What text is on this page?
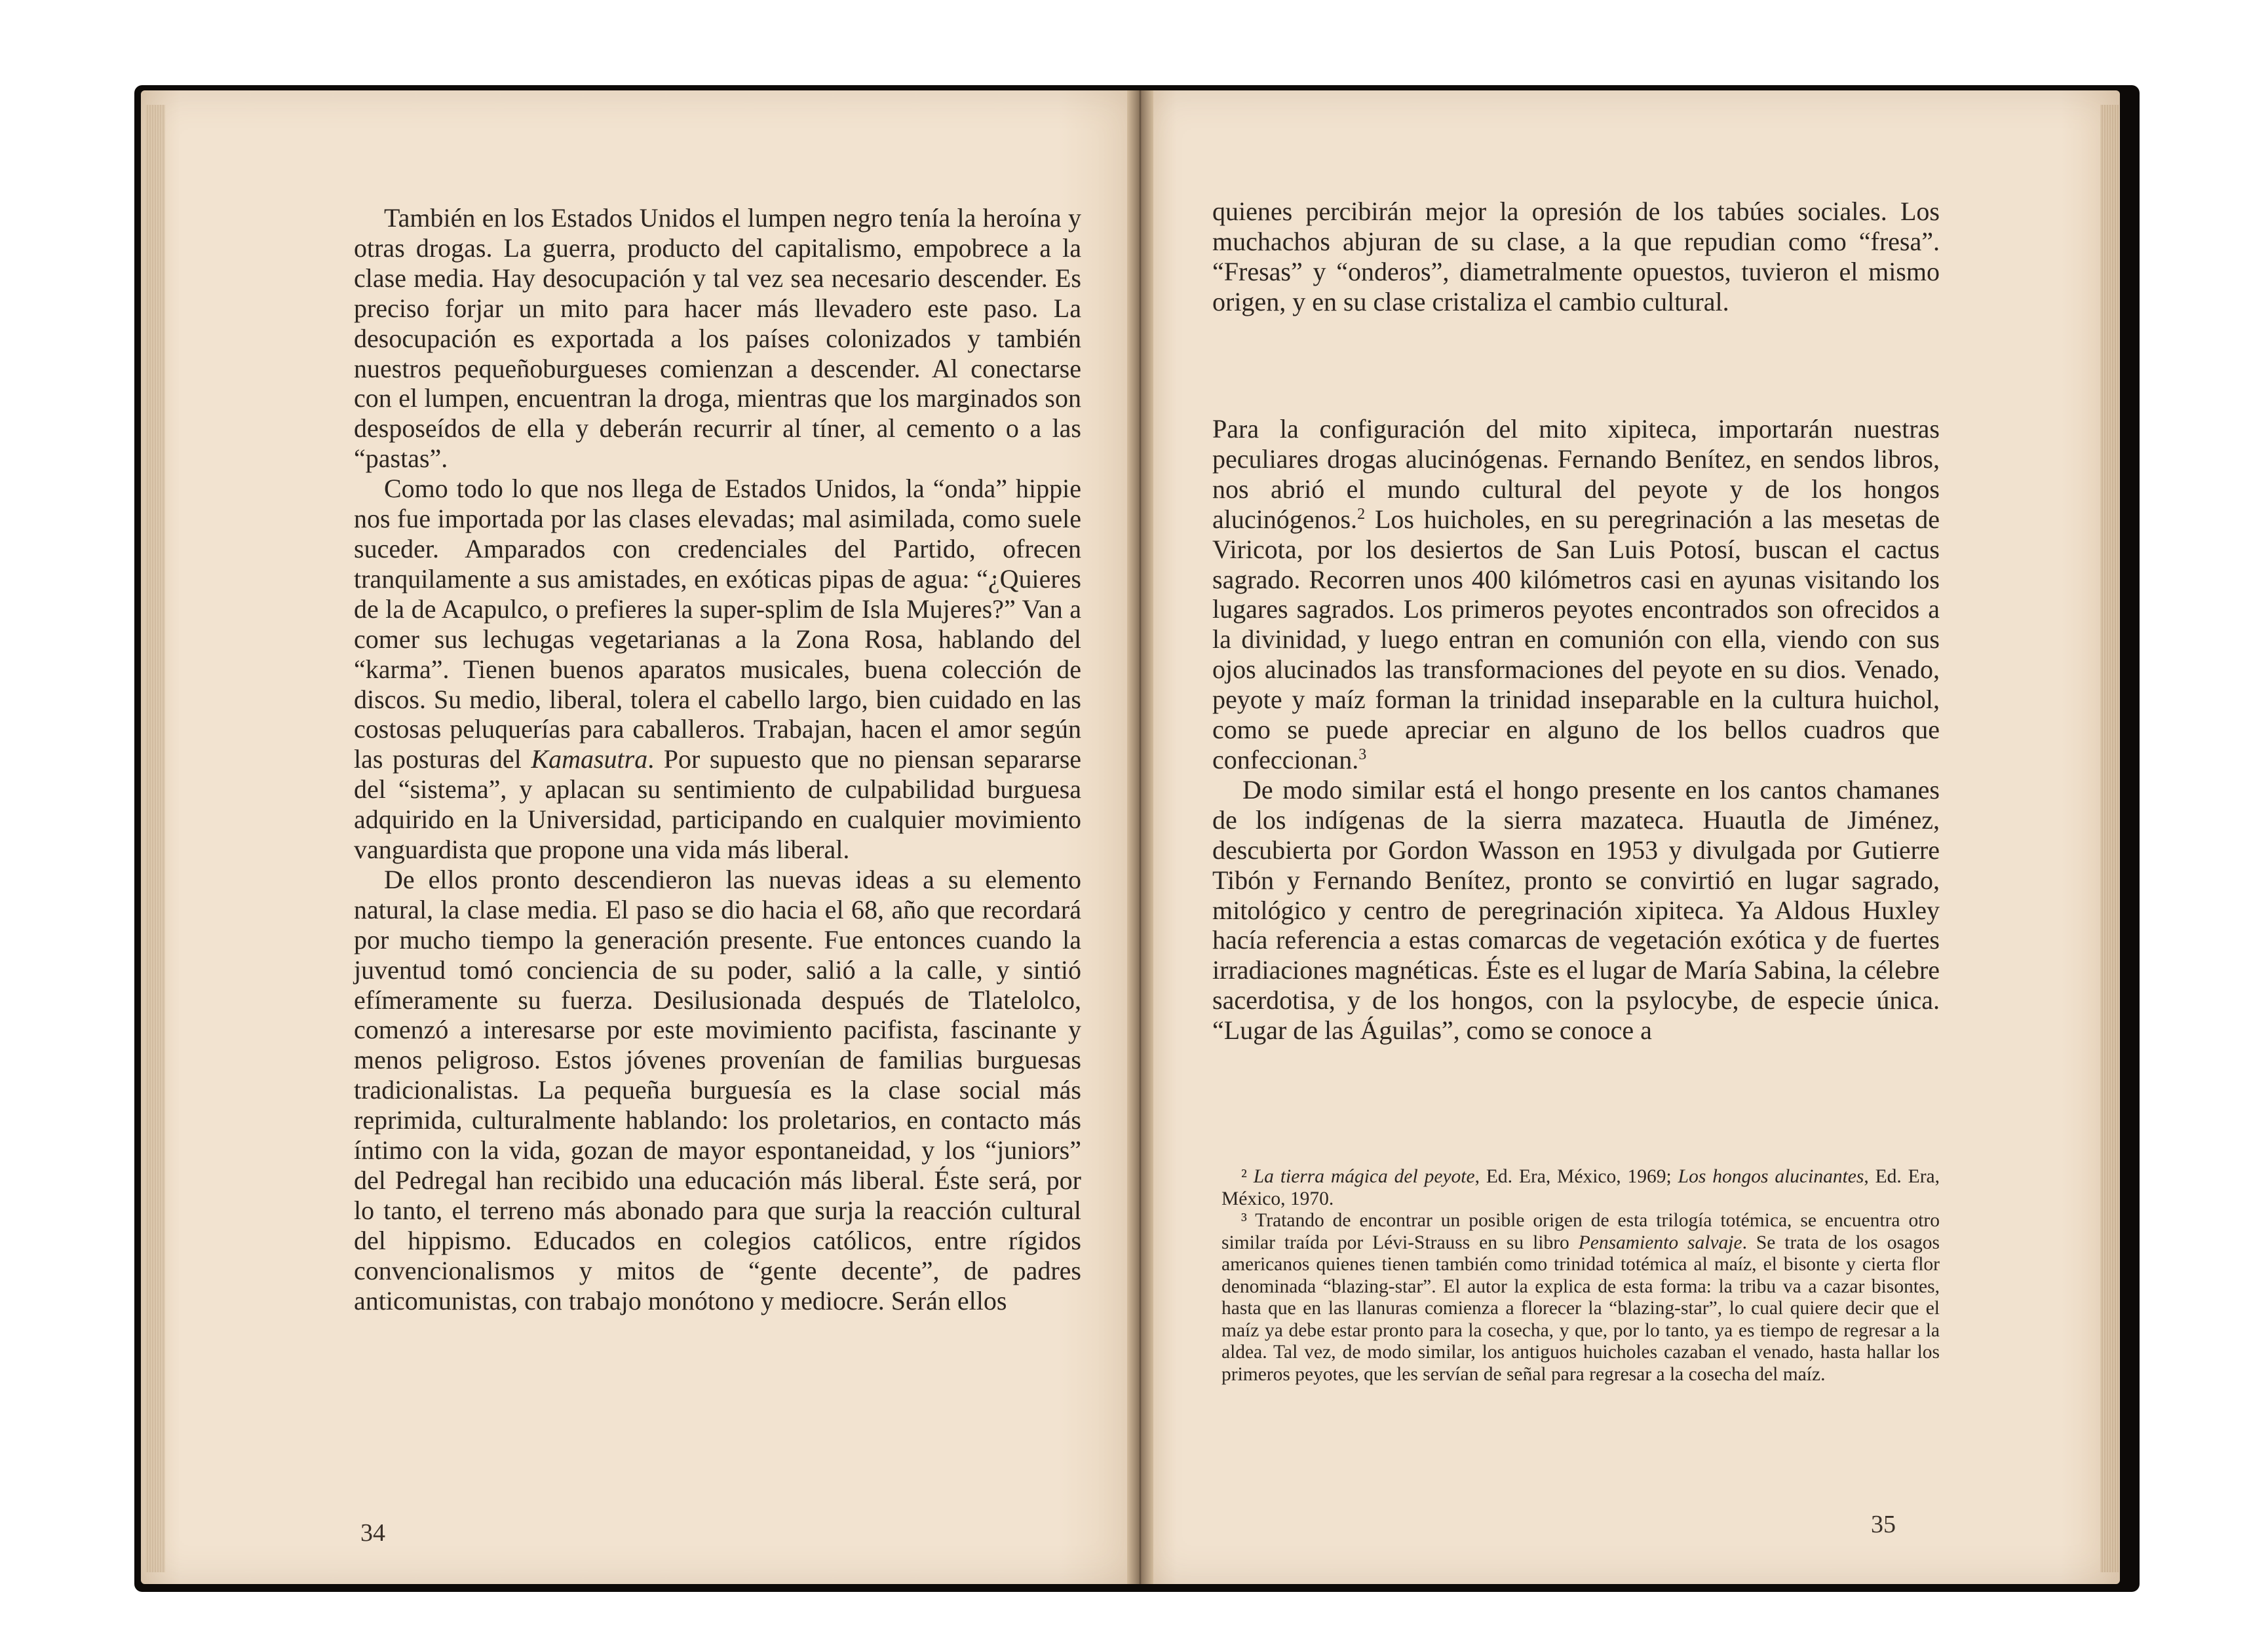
También en los Estados Unidos el lumpen negro tenía la heroína y otras drogas. La guerra, producto del capitalismo, empobrece a la clase media. Hay desocupación y tal vez sea necesario descender. Es preciso forjar un mito para hacer más llevadero este paso. La desocupación es exportada a los países colonizados y también nuestros pequeñoburgueses comienzan a descender. Al conectarse con el lumpen, encuentran la droga, mientras que los marginados son desposeídos de ella y deberán recurrir al tíner, al cemento o a las “pastas”.

Como todo lo que nos llega de Estados Unidos, la “onda” hippie nos fue importada por las clases elevadas; mal asimilada, como suele suceder. Amparados con credenciales del Partido, ofrecen tranquilamente a sus amistades, en exóticas pipas de agua: “¿Quieres de la de Acapulco, o prefieres la super-splim de Isla Mujeres?” Van a comer sus lechugas vegetarianas a la Zona Rosa, hablando del “karma”. Tienen buenos aparatos musicales, buena colección de discos. Su medio, liberal, tolera el cabello largo, bien cuidado en las costosas peluquerías para caballeros. Trabajan, hacen el amor según las posturas del Kamasutra. Por supuesto que no piensan separarse del “sistema”, y aplacan su sentimiento de culpabilidad burguesa adquirido en la Universidad, participando en cualquier movimiento vanguardista que propone una vida más liberal.

De ellos pronto descendieron las nuevas ideas a su elemento natural, la clase media. El paso se dio hacia el 68, año que recordará por mucho tiempo la generación presente. Fue entonces cuando la juventud tomó conciencia de su poder, salió a la calle, y sintió efímeramente su fuerza. Desilusionada después de Tlatelolco, comenzó a interesarse por este movimiento pacifista, fascinante y menos peligroso. Estos jóvenes provenían de familias burguesas tradicionalistas. La pequeña burguesía es la clase social más reprimida, culturalmente hablando: los proletarios, en contacto más íntimo con la vida, gozan de mayor espontaneidad, y los “juniors” del Pedregal han recibido una educación más liberal. Éste será, por lo tanto, el terreno más abonado para que surja la reacción cultural del hippismo. Educados en colegios católicos, entre rígidos convencionalismos y mitos de “gente decente”, de padres anticomunistas, con trabajo monótono y mediocre. Serán ellos

34

quienes percibirán mejor la opresión de los tabúes sociales. Los muchachos abjuran de su clase, a la que repudian como “fresa”. “Fresas” y “onderos”, diametralmente opuestos, tuvieron el mismo origen, y en su clase cristaliza el cambio cultural.

Para la configuración del mito xipiteca, importarán nuestras peculiares drogas alucinógenas. Fernando Benítez, en sendos libros, nos abrió el mundo cultural del peyote y de los hongos alucinógenos.$^2$ Los huicholes, en su peregrinación a las mesetas de Viricota, por los desiertos de San Luis Potosí, buscan el cactus sagrado. Recorren unos 400 kilómetros casi en ayunas visitando los lugares sagrados. Los primeros peyotes encontrados son ofrecidos a la divinidad, y luego entran en comunión con ella, viendo con sus ojos alucinados las transformaciones del peyote en su dios. Venado, peyote y maíz forman la trinidad inseparable en la cultura huichol, como se puede apreciar en alguno de los bellos cuadros que confeccionan.$^3$

De modo similar está el hongo presente en los cantos chamanes de los indígenas de la sierra mazateca. Huautla de Jiménez, descubierta por Gordon Wasson en 1953 y divulgada por Gutierre Tibón y Fernando Benítez, pronto se convirtió en lugar sagrado, mitológico y centro de peregrinación xipiteca. Ya Aldous Huxley hacía referencia a estas comarcas de vegetación exótica y de fuertes irradiaciones magnéticas. Éste es el lugar de María Sabina, la célebre sacerdotisa, y de los hongos, con la psylocybe, de especie única. “Lugar de las Águilas”, como se conoce a

² La tierra mágica del peyote, Ed. Era, México, 1969; Los hongos alucinantes, Ed. Era, México, 1970.

³ Tratando de encontrar un posible origen de esta trilogía totémica, se encuentra otro similar traída por Lévi-Strauss en su libro Pensamiento salvaje. Se trata de los osagos americanos quienes tienen también como trinidad totémica al maíz, el bisonte y cierta flor denominada “blazing-star”. El autor la explica de esta forma: la tribu va a cazar bisontes, hasta que en las llanuras comienza a florecer la “blazing-star”, lo cual quiere decir que el maíz ya debe estar pronto para la cosecha, y que, por lo tanto, ya es tiempo de regresar a la aldea. Tal vez, de modo similar, los antiguos huicholes cazaban el venado, hasta hallar los primeros peyotes, que les servían de señal para regresar a la cosecha del maíz.

35
